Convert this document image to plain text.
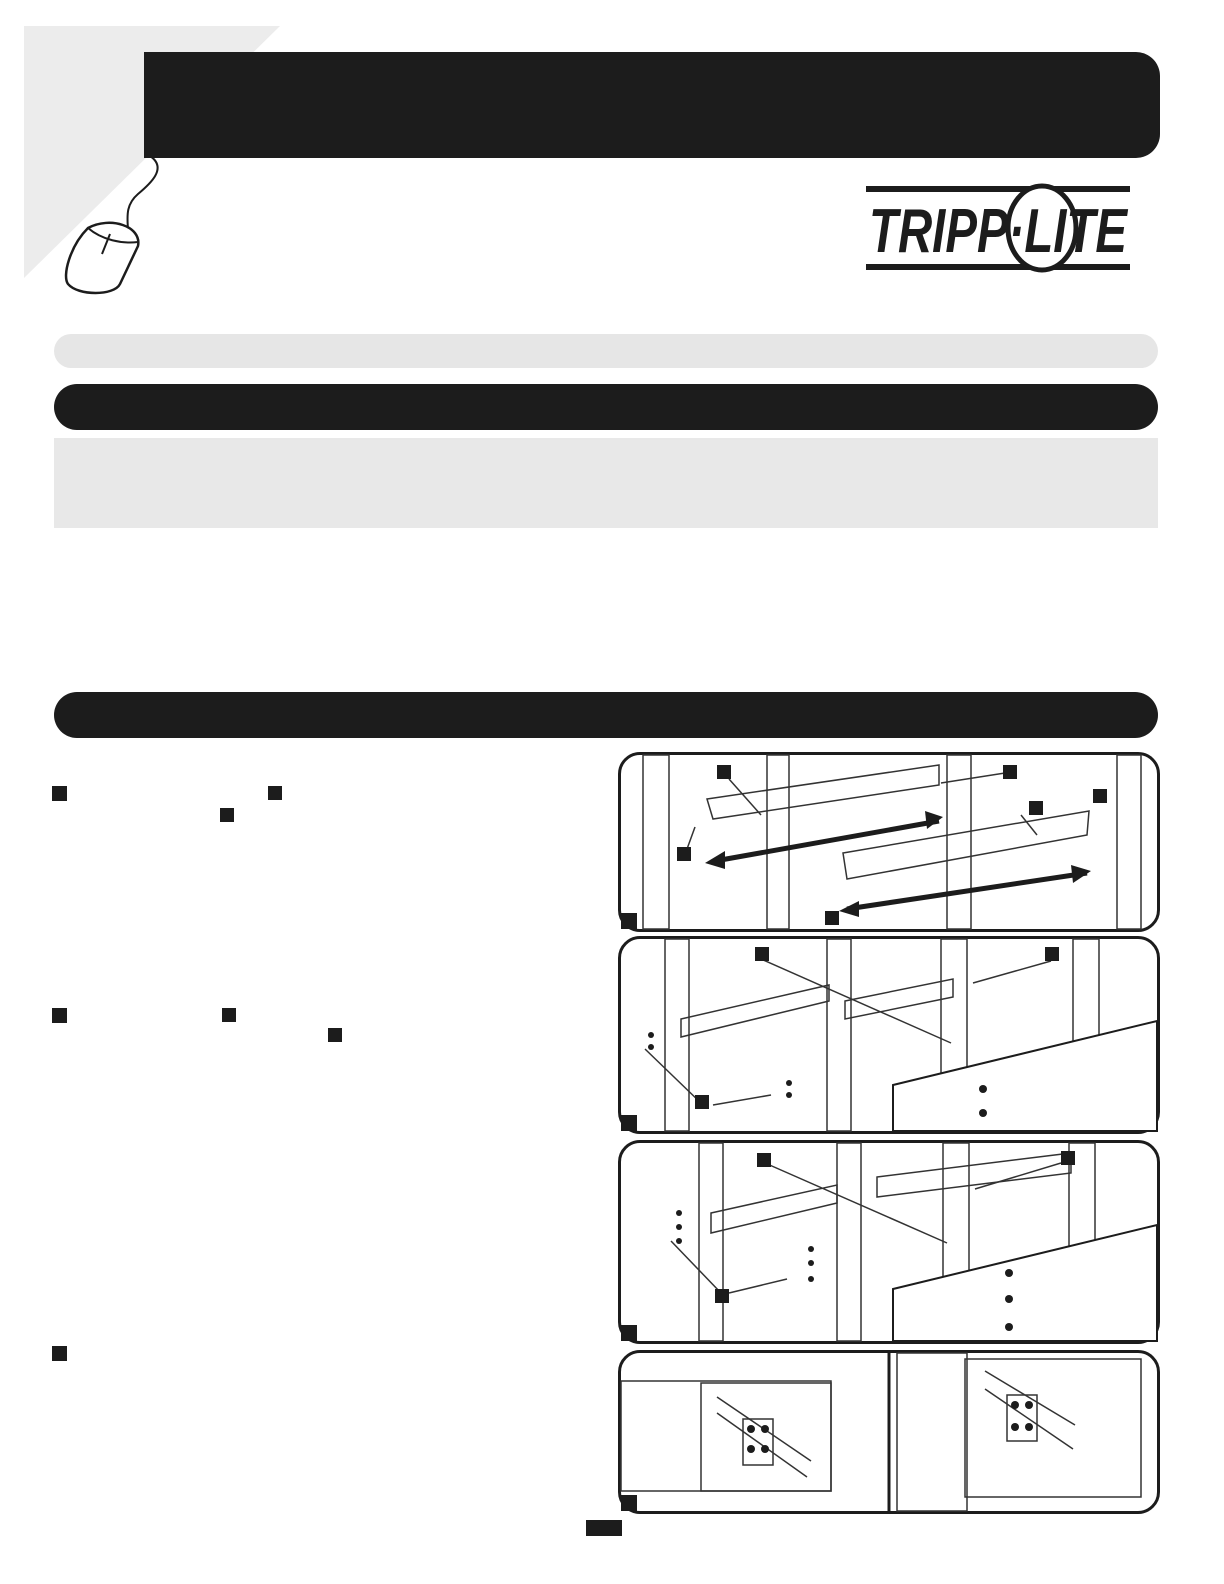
TRIPP·LITE
